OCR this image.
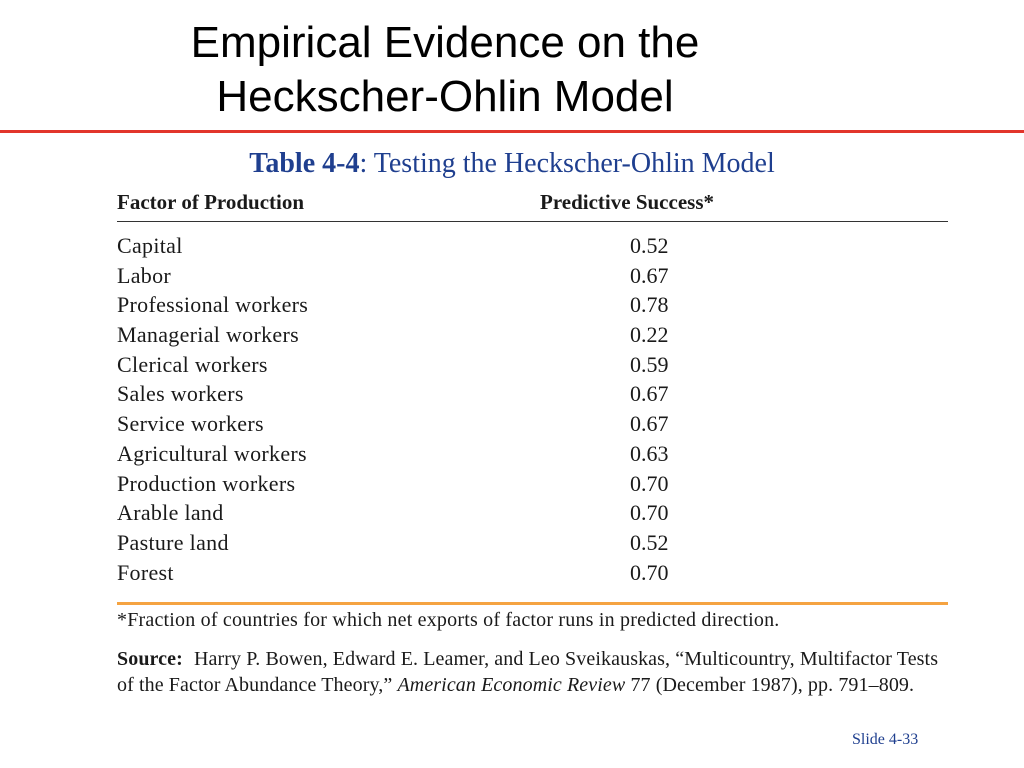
Empirical Evidence on the
Heckscher-Ohlin Model
Table 4-4: Testing the Heckscher-Ohlin Model
Factor of Production	Predictive Success*
Capital	0.52
Labor	0.67
Professional workers	0.78
Managerial workers	0.22
Clerical workers	0.59
Sales workers	0.67
Service workers	0.67
Agricultural workers	0.63
Production workers	0.70
Arable land	0.70
Pasture land	0.52
Forest	0.70
*Fraction of countries for which net exports of factor runs in predicted direction.
Source: Harry P. Bowen, Edward E. Leamer, and Leo Sveikauskas, “Multicountry, Multifactor Tests of the Factor Abundance Theory,” American Economic Review 77 (December 1987), pp. 791–809.
Slide 4-33
